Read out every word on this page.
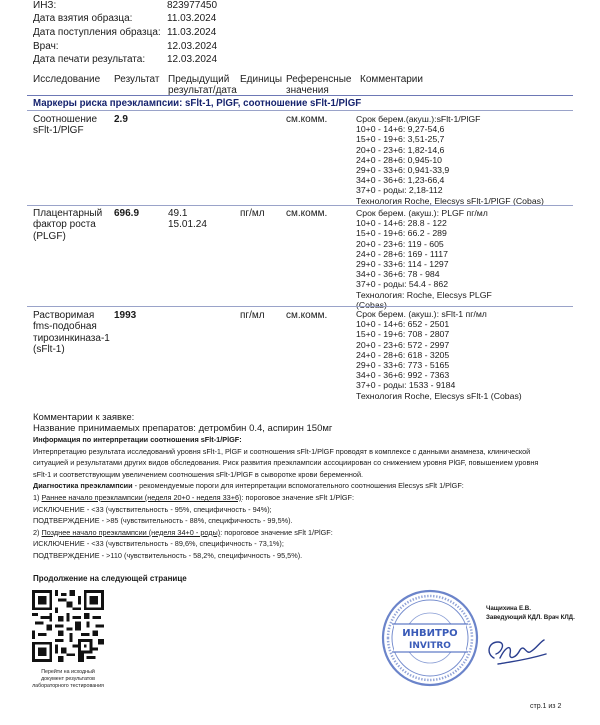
ИНЗ:	823977450
Дата взятия образца:	11.03.2024
Дата поступления образца: 11.03.2024
Врач:	12.03.2024
Дата печати результата: 12.03.2024
Исследование Результат Предыдущий результат/дата
Единицы Референсные значения
Комментарии
Маркеры риска преэклампсии: sFlt-1, PlGF, соотношение sFlt-1/PlGF
Соотношение sFlt-1/PlGF
2.9	см.комм.	Срок берем.(акуш.):sFlt-1/PlGF
10+0 - 14+6: 9,27-54,6
15+0 - 19+6: 3,51-25,7
20+0 - 23+6: 1,82-14,6
24+0 - 28+6: 0,945-10
29+0 - 33+6: 0,941-33,9
34+0 - 36+6: 1,23-66,4
37+0 - роды: 2,18-112
Технология Roche, Elecsys sFlt-1/PlGF (Cobas)
Плацентарный фактор роста (PLGF)
696.9	49.1
15.01.24
пг/мл см.комм.	Срок берем. (акуш.): PLGF пг/мл
10+0 - 14+6: 28.8 - 122
15+0 - 19+6: 66.2 - 289
20+0 - 23+6: 119 - 605
24+0 - 28+6: 169 - 1117
29+0 - 33+6: 114 - 1297
34+0 - 36+6: 78 - 984
37+0 - роды: 54.4 - 862
Технология: Roche, Elecsys PLGF
(Cobas)
Растворимая fms-подобная тирозинкиназа-1 (sFlt-1)
1993	пг/мл см.комм.	Срок берем. (акуш.): sFlt-1 пг/мл
10+0 - 14+6: 652 - 2501
15+0 - 19+6: 708 - 2807
20+0 - 23+6: 572 - 2997
24+0 - 28+6: 618 - 3205
29+0 - 33+6: 773 - 5165
34+0 - 36+6: 992 - 7363
37+0 - роды: 1533 - 9184
Технология Roche, Elecsys sFlt-1 (Cobas)
Комментарии к заявке:
Название принимаемых препаратов: детромбин 0.4, аспирин 150мг
Информация по интерпретации соотношения sFlt-1/PlGF:
Интерпретацию результата исследований уровня sFlt-1, PlGF и соотношения sFlt-1/PlGF проводят в комплексе с данными анамнеза, клинической
ситуацией и результатами других видов обследования. Риск развития преэклампсии ассоциирован со снижением уровня PlGF, повышением уровня
sFlt-1 и соответствующим увеличением соотношения sFlt-1/PlGF в сыворотке крови беременной.
Диагностика преэклампсии - рекомендуемые пороги для интерпретации вспомогательного соотношения Elecsys sFlt 1/PlGF:
1) Раннее начало преэклампсии (неделя 20+0 - неделя 33+6): пороговое значение sFlt 1/PlGF:
ИСКЛЮЧЕНИЕ - <33 (чувствительность - 95%, специфичность - 94%);
ПОДТВЕРЖДЕНИЕ - >85 (чувствительность - 88%, специфичность - 99,5%).
2) Позднее начало преэклампсии (неделя 34+0 - роды): пороговое значение sFlt 1/PlGF:
ИСКЛЮЧЕНИЕ - <33 (чувствительность - 89,6%, специфичность - 73,1%);
ПОДТВЕРЖДЕНИЕ - >110 (чувствительность - 58,2%, специфичность - 95,5%).
Продолжение на следующей странице
Перейти на исходный
документ результатов
лабораторного тестирования
ИНВИТРО
INVITRO
Чащихина Е.В.
Заведующий КДЛ. Врач КЛД.
стр.1 из 2
